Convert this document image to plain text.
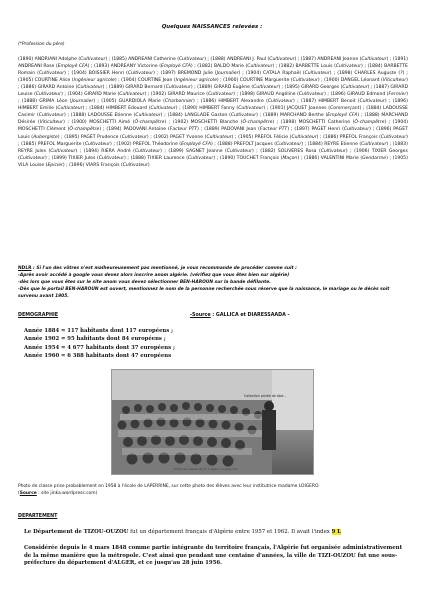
Quelques NAISSANCES relevées :
(*Profession du père)
(1890) ANDRIANI Adolphe (Cultivateur) ; (1885) ANDREANI Catherine (Cultivateur) ; (1888) ANDREANI J. Paul (Cultivateur) ; (1887) ANDREANI Jeanne (Cultivateur) ; (1891) ANDREANI Rose (Employé CFA) ; (1893) ANDREANY Victorine (Employé CFA) ; (1882) BALDO Marie (Cultivateur) ; (1882) BARBETTE Louis (Cultivateur) ; (1884) BARBETTE Romain (Cultivateur) ; (1904) BOISSIER Henri (Cultivateur) ; (1897) BREMOND Julie (Journalier) ; (1904) CATALA Raphaël (Cultivateur) ; (1898) CHARLES Auguste (?) ; (1905) COURTINE Alice (Ingénieur agricole) ; (1904) COURTINE Jean (Ingénieur agricole) ; (1900) COURTINE Marguerite (Cultivateur) ; (1900) DANGEL Léonard (Viticulteur) ; (1886) GIRARD Antoine (Cultivateur) ; (1889) GIRARD Bernard (Cultivateur) ; (1889) GIRARD Eugène (Cultivateur) ; (1895) GIRARD Georges (Cultivateur) ; (1887) GIRARD Louise (Cultivateur) ; (1904) GIRARD Marie (Cultivateur) ; (1902) GIRARD Maurice (Cultivateur) ; (1898) GIRAUD Angéline (Cultivateur) ; (1896) GIRAUD Edmond (Fermier) ; (1888) GRIMA Léon (Journalier) ; (1905) GUARDIOLA Marie (Charbonnier) ; (1886) HIMBERT Alexandre (Cultivateur) ; (1887) HIMBERT Benoit (Cultivateur) ; (1896) HIMBERT Emilie (Cultivateur) ; (1884) HIMBERT Edouard (Cultivateur) ; (1890) HIMBERT Fanny (Cultivateur) ; (1901) JACQUET Joannes (Commerçant) ; (1884) LADOUSSE Casimir (Cultivateur) ; (1888) LADOUSSE Etienne (Cultivateur) ; (1884) LANGLADE Gaston (Cultivateur) ; (1889) MARCHAND Berthe (Employé CFA) ; (1888) MARCHAND Désirée (Viticulteur) ; (1900) MOSCHETTI Aimé (Ô-champêtre) ; (1902) MOSCHETTI Blanche (Ô-champêtre) ; (1898) MOSCHETTI Catherine (Ô-champêtre) ; (1904) MOSCHETTI Clément (Ô-champêtre) ; (1894) PADOVANI Antoine (Facteur PTT) ; (1889) PADOVANI Jean (Facteur PTT) ; (1897) PAGET Henri (Cultivateur) ; (1896) PAGET Louis (Aubergiste) ; (1895) PAGET Prudence (Cultivateur) ; (1902) PAGET Yvonne (Cultivateur) ; (1905) PREFOL Félicie (Cultivateur) ; (1886) PREFOL François (Cultivateur) ; (1885) PREFOL Marguerite (Cultivateur) ; (1902) PREFOL Théodorine (Employé CFA) ; (1888) PREFOLT Jacques (Cultivateur) ; (1884) REYRE Etienne (Cultivateur) ; (1883) REYRE Jules (Cultivateur) ; (1894) RIERA André (Cultivateur) ; (1899) SAGNET Jeanne (Cultivateur) ; (1882) SOLIVERES Rosa (Cultivateur) ; (1906) TIXIER Georges (Cultivateur) ; (1899) TIXIER Jules (Cultivateur) ; (1888) TIXIER Laurence (Cultivateur) ; (1890) TOUCHET François (Maçon) ; (1886) VALENTINI Marie (Gendarme) ; (1905) VILA Louise (Epicier) ; (1896) VIARS François (Cultivateur)
NDLR : Si l'un des vôtres n'est malheureusement pas mentionné, je vous recommande de procéder comme suit :
-Après avoir accédé à google vous devez alors inscrire anom algérie. (vérifiez que vous êtes bien sur algérie)
-dès lors que vous êtes sur le site anom vous devez sélectionner BEN-HAROUN sur la bande défilante.
-Dès que le portail BEN-HAROUN est ouvert, mentionnez le nom de la personne recherchée sous réserve que la naissance, le mariage ou le décès soit survenu avant 1905.
DEMOGRAPHIE	-Source : GALLICA et DIARESSAADA -
Année 1884 = 117 habitants dont 117 européens ;
Année 1902 = 95 habitants dont 84 européens ;
Année 1954 = 4 677 habitants dont 37 européens ;
Année 1960 = 6 388 habitants dont 47 européens
Collection privée de Abd...
Photo de classe de M° Loigero à Laperrine
Photo de classe prise probablement en 1958 à l'école de LAPERRINE, sur cette photo des élèves avec leur institutrice madame LOIGERO.
(Source : site jinka.wordpress.com)
DEPARTEMENT
Le Département de TIZOU-OUZOU fut un département français d'Algérie entre 1957 et 1962. Il avait l'index 9 L
Considérée depuis le 4 mars 1848 comme partie intégrante du territoire français, l'Algérie fut organisée administrativement de la même manière que la métropole. C'est ainsi que pendant une centaine d'années, la ville de TIZI-OUZOU fut une sous-préfecture du département d'ALGER, et ce jusqu'au 28 juin 1956.
